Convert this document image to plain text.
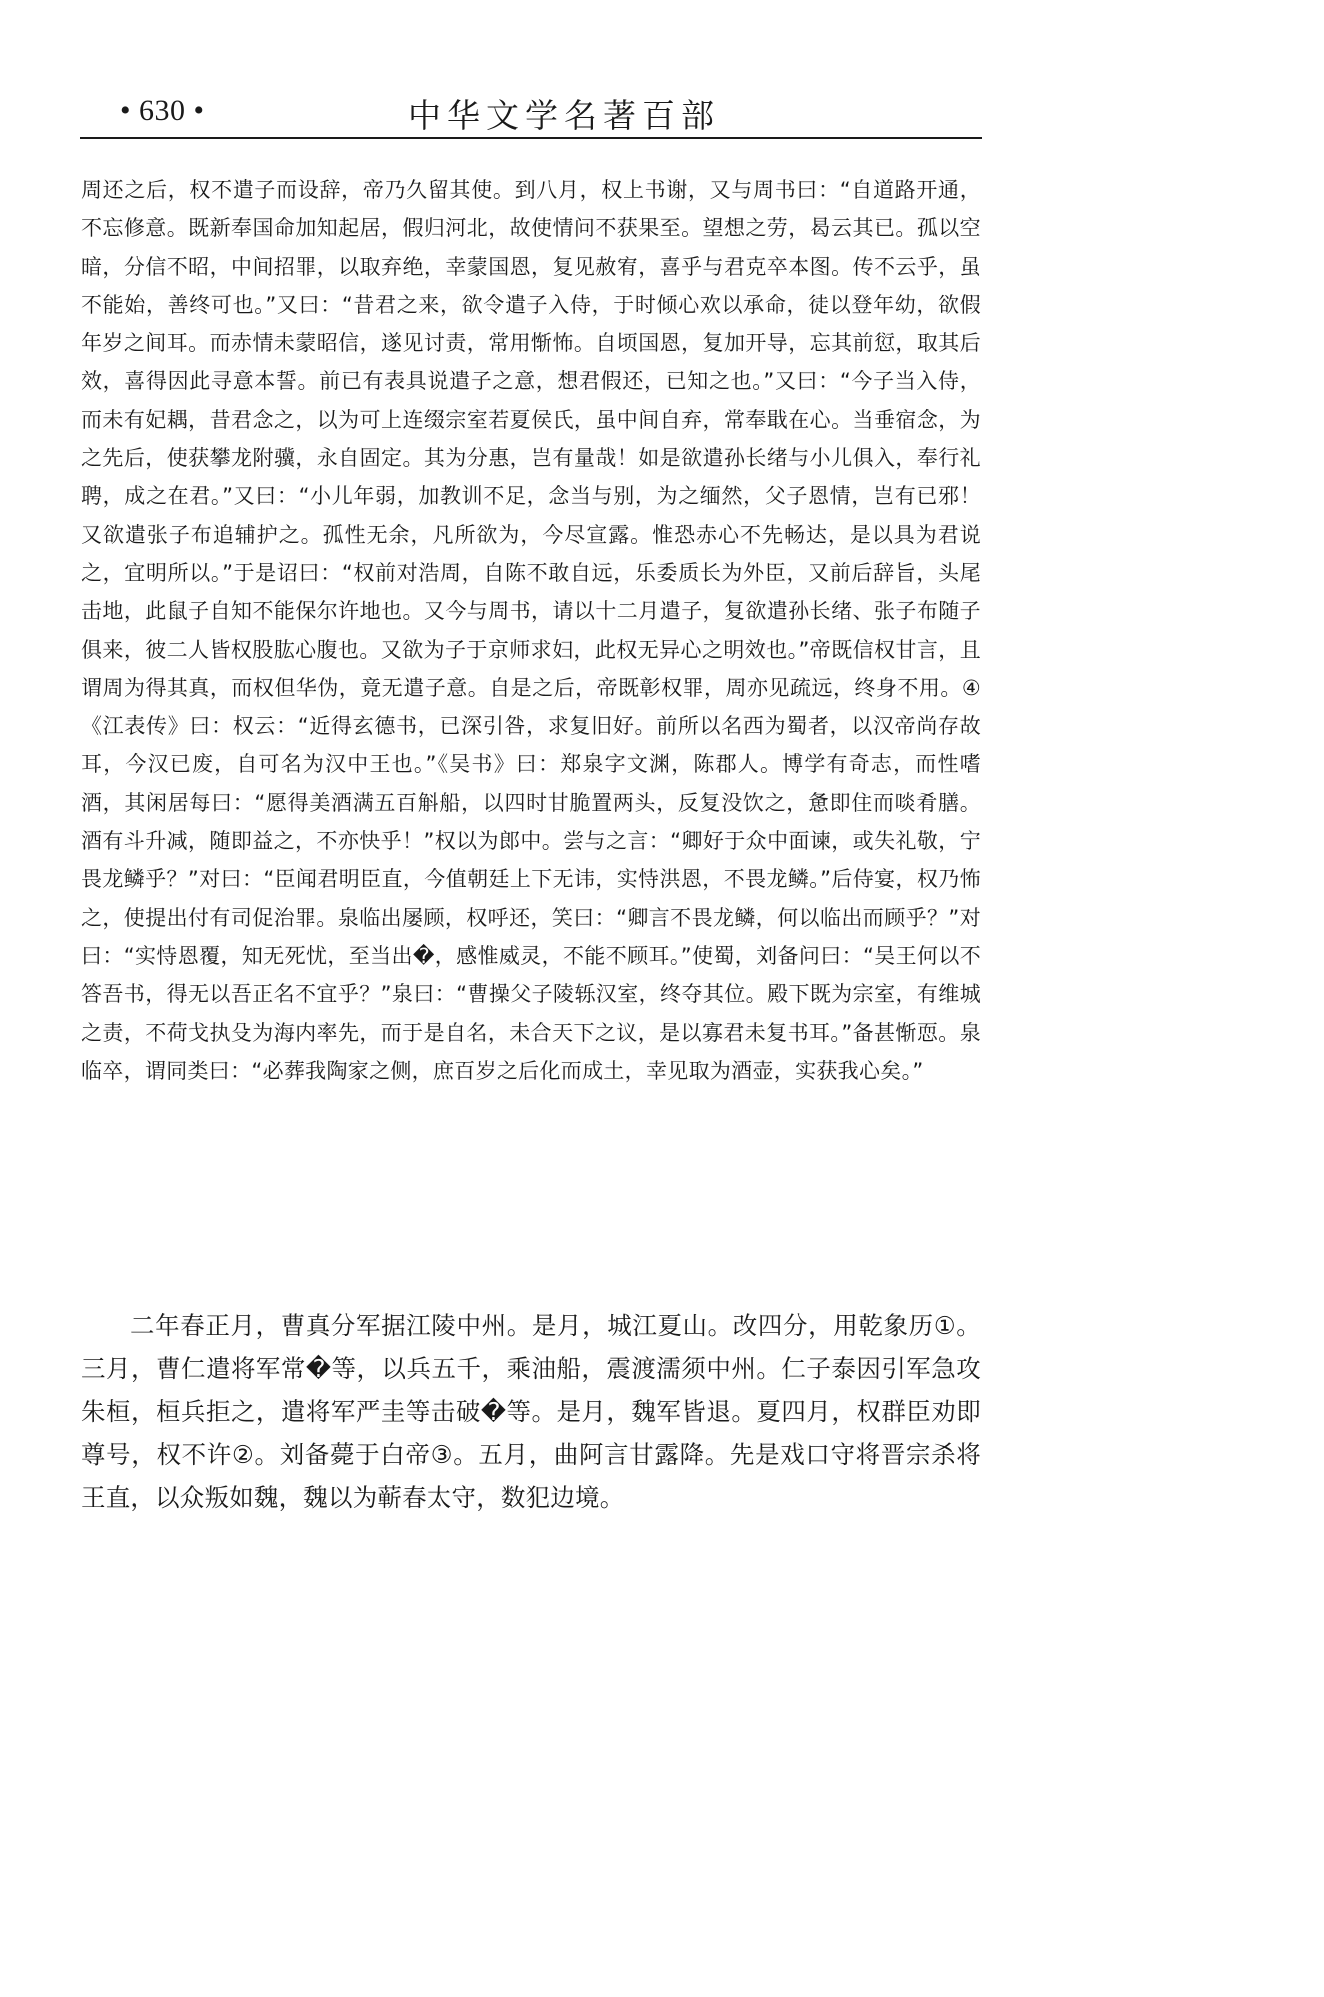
• 630 •	中华文学名著百部

周还之后，权不遣子而设辞，帝乃久留其使。到八月，权上书谢，又与周书曰：“自道路开通，不忘修意。既新奉国命加知起居，假归河北，故使情问不获果至。望想之劳，曷云其已。孤以空暗，分信不昭，中间招罪，以取弃绝，幸蒙国恩，复见赦宥，喜乎与君克卒本图。传不云乎，虽不能始，善终可也。”又曰：“昔君之来，欲令遣子入侍，于时倾心欢以承命，徒以登年幼，欲假年岁之间耳。而赤情未蒙昭信，遂见讨责，常用惭怖。自顷国恩，复加开导，忘其前愆，取其后效，喜得因此寻意本誓。前已有表具说遣子之意，想君假还，已知之也。”又曰：“今子当入侍，而未有妃耦，昔君念之，以为可上连缀宗室若夏侯氏，虽中间自弃，常奉戢在心。当垂宿念，为之先后，使获攀龙附骥，永自固定。其为分惠，岂有量哉！如是欲遣孙长绪与小儿俱入，奉行礼聘，成之在君。”又曰：“小儿年弱，加教训不足，念当与别，为之缅然，父子恩情，岂有已邪！又欲遣张子布追辅护之。孤性无余，凡所欲为，今尽宣露。惟恐赤心不先畅达，是以具为君说之，宜明所以。”于是诏曰：“权前对浩周，自陈不敢自远，乐委质长为外臣，又前后辞旨，头尾击地，此鼠子自知不能保尔许地也。又今与周书，请以十二月遣子，复欲遣孙长绪、张子布随子俱来，彼二人皆权股肱心腹也。又欲为子于京师求妇，此权无异心之明效也。”帝既信权甘言，且谓周为得其真，而权但华伪，竟无遣子意。自是之后，帝既彰权罪，周亦见疏远，终身不用。④《江表传》曰：权云：“近得玄德书，已深引咎，求复旧好。前所以名西为蜀者，以汉帝尚存故耳，今汉已废，自可名为汉中王也。”《吴书》曰：郑泉字文渊，陈郡人。博学有奇志，而性嗜酒，其闲居每曰：“愿得美酒满五百斛船，以四时甘脆置两头，反复没饮之，惫即住而啖肴膳。酒有斗升减，随即益之，不亦快乎！”权以为郎中。尝与之言：“卿好于众中面谏，或失礼敬，宁畏龙鳞乎？”对曰：“臣闻君明臣直，今值朝廷上下无讳，实恃洪恩，不畏龙鳞。”后侍宴，权乃怖之，使提出付有司促治罪。泉临出屡顾，权呼还，笑曰：“卿言不畏龙鳞，何以临出而顾乎？”对曰：“实恃恩覆，知无死忧，至当出�，感惟威灵，不能不顾耳。”使蜀，刘备问曰：“吴王何以不答吾书，得无以吾正名不宜乎？”泉曰：“曹操父子陵轹汉室，终夺其位。殿下既为宗室，有维城之责，不荷戈执殳为海内率先，而于是自名，未合天下之议，是以寡君未复书耳。”备甚惭恧。泉临卒，谓同类曰：“必葬我陶家之侧，庶百岁之后化而成土，幸见取为酒壶，实获我心矣。”

二年春正月，曹真分军据江陵中州。是月，城江夏山。改四分，用乾象历①。三月，曹仁遣将军常�等，以兵五千，乘油船，震渡濡须中州。仁子泰因引军急攻朱桓，桓兵拒之，遣将军严圭等击破�等。是月，魏军皆退。夏四月，权群臣劝即尊号，权不许②。刘备薨于白帝③。五月，曲阿言甘露降。先是戏口守将晋宗杀将王直，以众叛如魏，魏以为蕲春太守，数犯边境。
